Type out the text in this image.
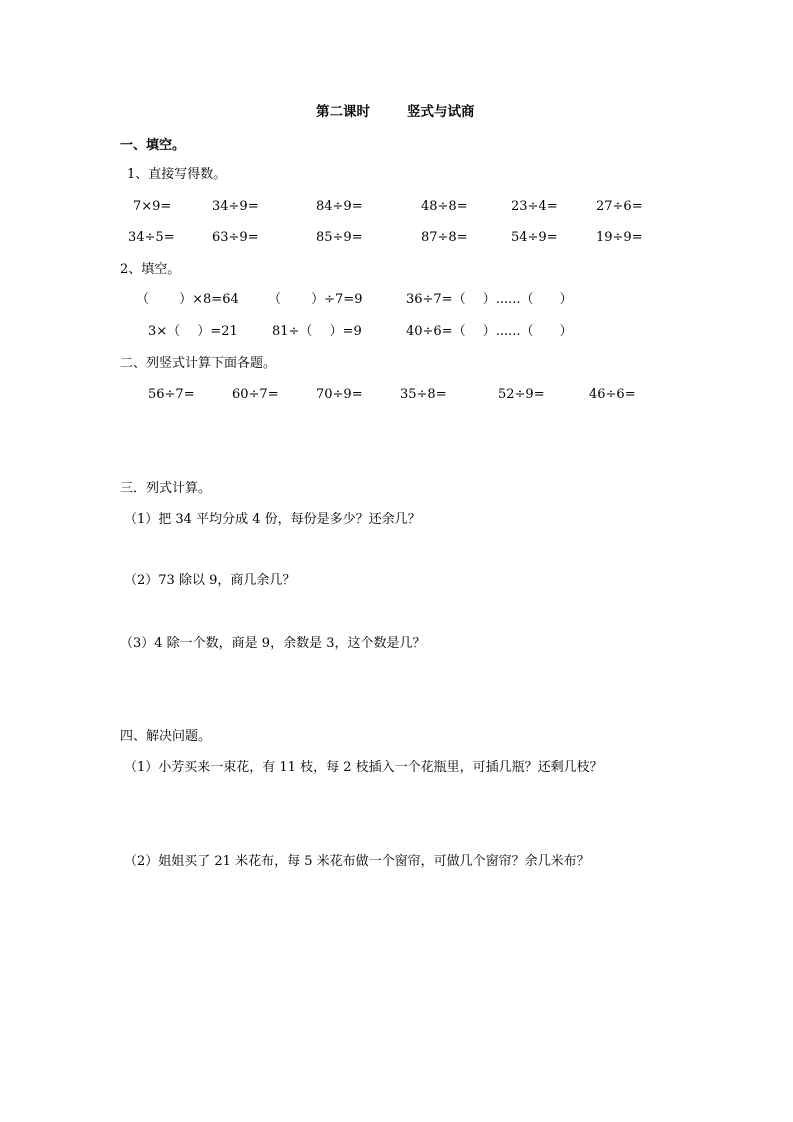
第二课时	竖式与试商
一、填空。
1、直接写得数。
7×9=	34÷9=	84÷9=	48÷8=	23÷4=	27÷6=
34÷5=	63÷9=	85÷9=	87÷8=	54÷9=	19÷9=
2、填空。
（　　 ）×8=64 （　　 ）÷7=9	36÷7=（　 ）......（　　）
3×（　 ）=21	81÷（　 ）=9	40÷6=（　 ）......（　　）
二、列竖式计算下面各题。
56÷7=	60÷7=	70÷9=	35÷8=	52÷9=	46÷6=
三．列式计算。
（1）把 34 平均分成 4 份，每份是多少？还余几？
（2）73 除以 9，商几余几？
（3）4 除一个数，商是 9，余数是 3，这个数是几？
四、解决问题。
（1）小芳买来一束花，有 11 枝，每 2 枝插入一个花瓶里，可插几瓶？还剩几枝？
（2）姐姐买了 21 米花布，每 5 米花布做一个窗帘，可做几个窗帘？余几米布？
